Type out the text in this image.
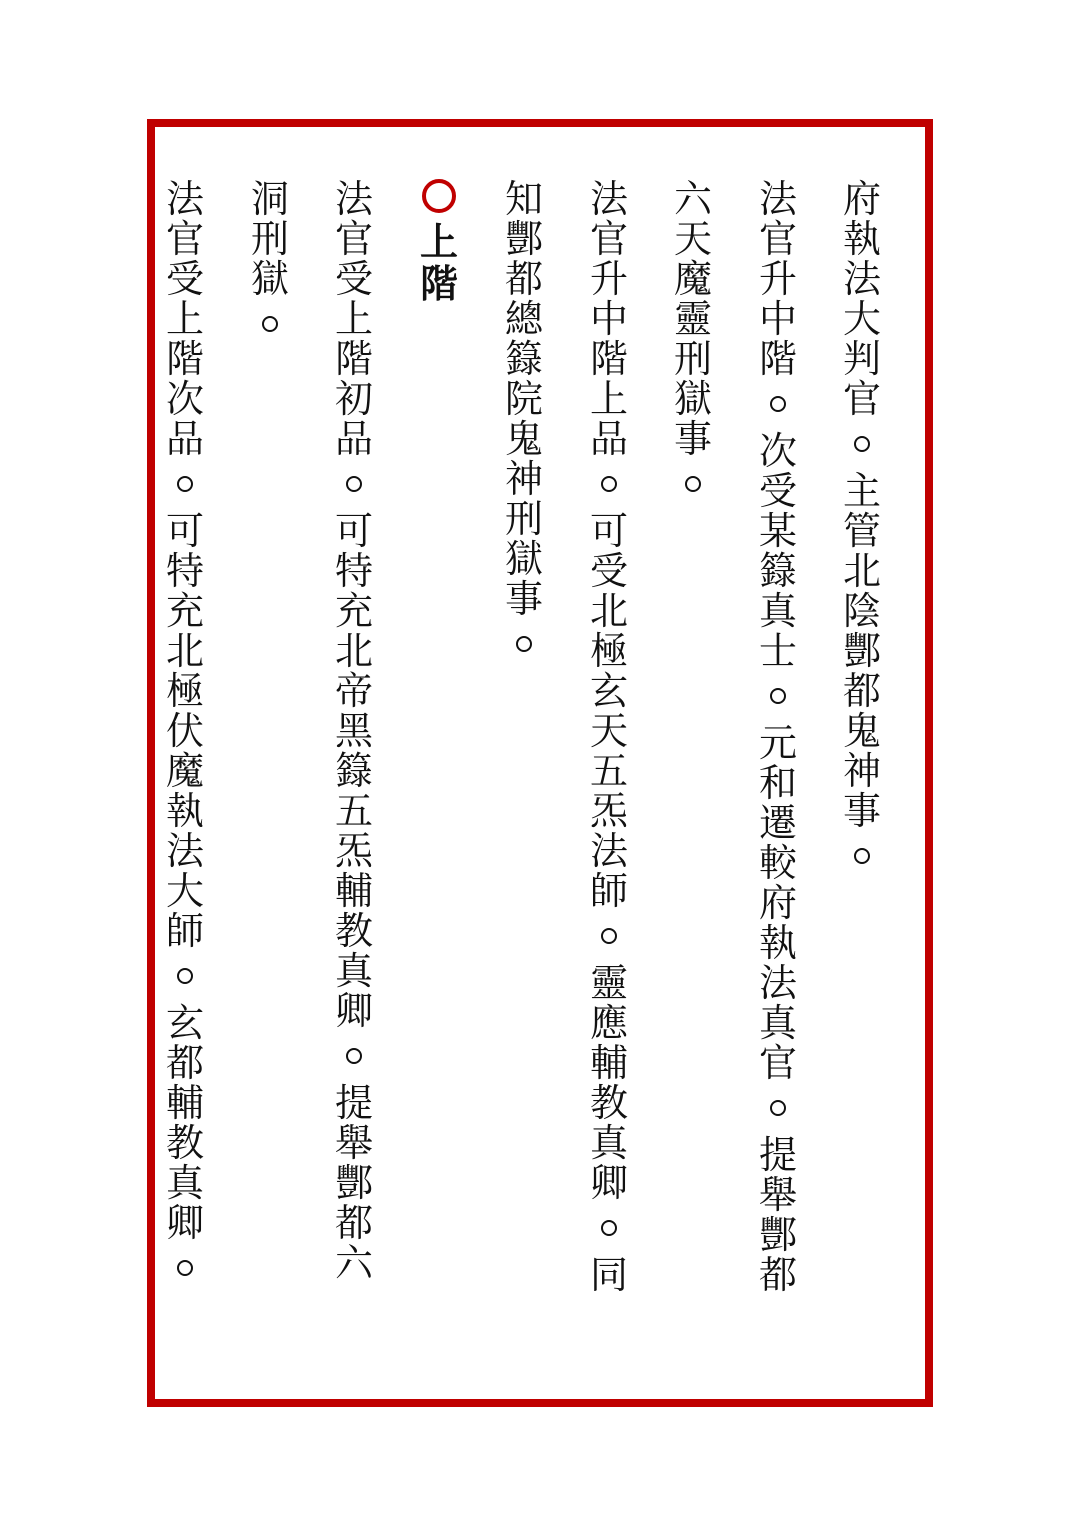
府
執
法
大
判
官
主
管
北
陰
酆
都
鬼
神
事
法
官
升
中
階
次
受
某
籙
真
士
元
和
遷
較
府
執
法
真
官
提
舉
酆
都
六
天
魔
靈
刑
獄
事
法
官
升
中
階
上
品
可
受
北
極
玄
天
五
炁
法
師
靈
應
輔
教
真
卿
同
知
酆
都
總
籙
院
鬼
神
刑
獄
事
上
階
法
官
受
上
階
初
品
可
特
充
北
帝
黑
籙
五
炁
輔
教
真
卿
提
舉
酆
都
六
洞
刑
獄
法
官
受
上
階
次
品
可
特
充
北
極
伏
魔
執
法
大
師
玄
都
輔
教
真
卿
